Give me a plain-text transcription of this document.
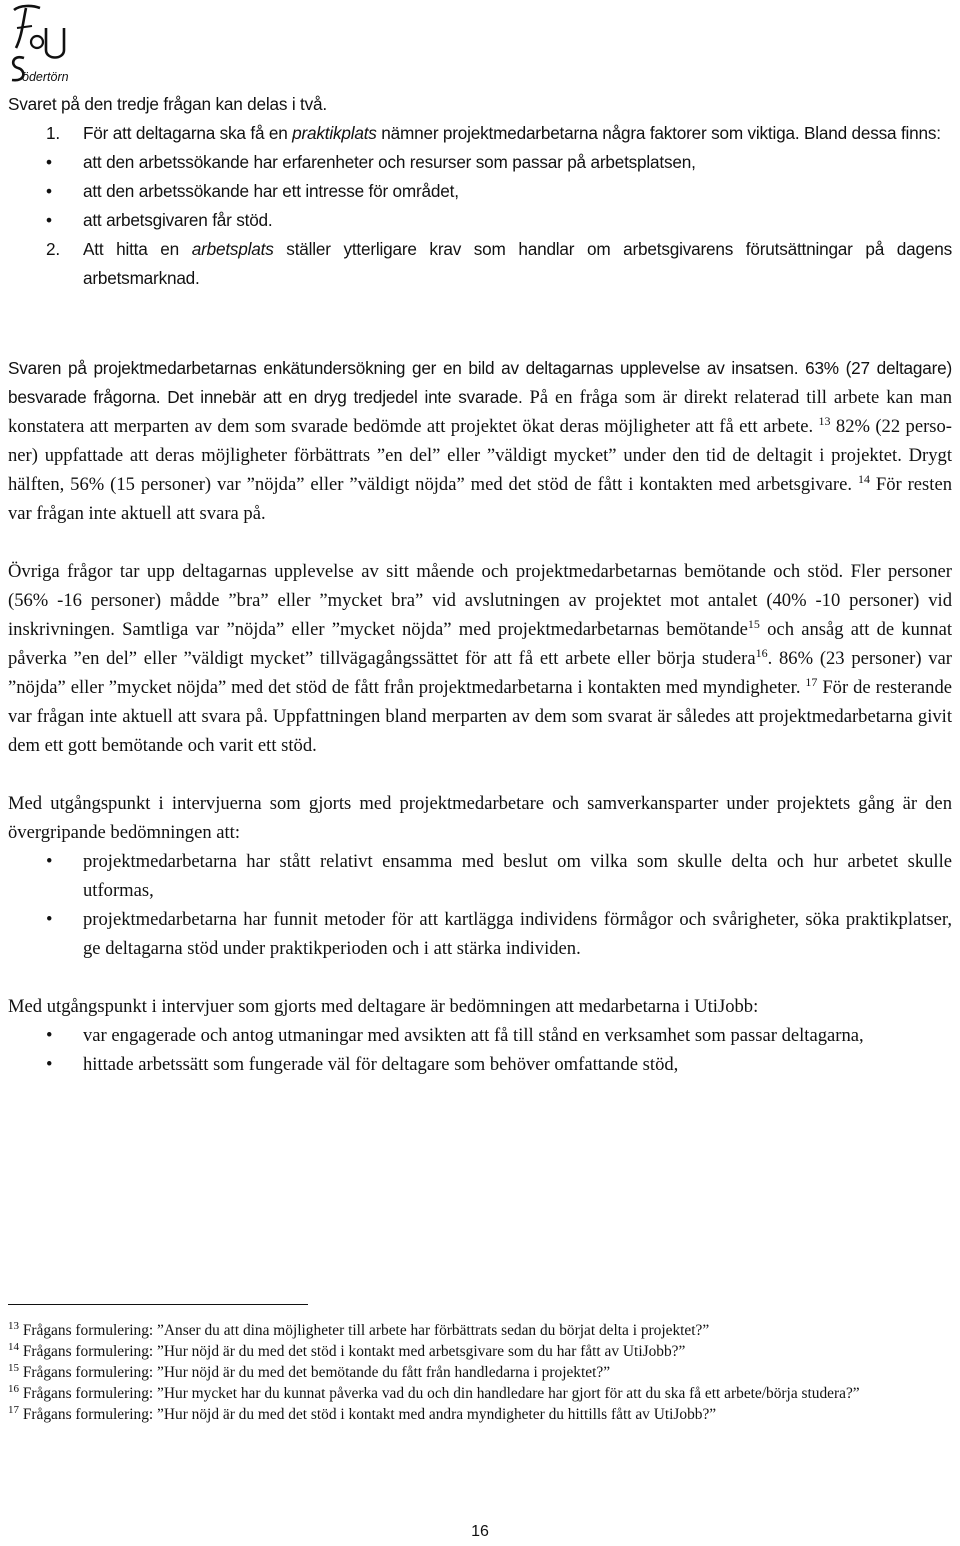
ödertörn

Svaret på den tredje frågan kan delas i två.

1. För att deltagarna ska få en praktikplats nämner projektmedarbetarna några faktorer som viktiga. Bland dessa finns:
• att den arbetssökande har erfarenheter och resurser som passar på arbetsplatsen,
• att den arbetssökande har ett intresse för området,
• att arbetsgivaren får stöd.
2. Att hitta en arbetsplats ställer ytterligare krav som handlar om arbetsgivarens förutsättningar på dagens arbetsmarknad.

Svaren på projektmedarbetarnas enkätundersökning ger en bild av deltagarnas upplevelse av insatsen. 63% (27 deltagare) besvarade frågorna. Det innebär att en dryg tredjedel inte svarade. På en fråga som är direkt relaterad till arbete kan man konstatera att merparten av dem som svarade bedömde att projektet ökat deras möjligheter att få ett arbete. $^{13}$ 82% (22 personer) uppfattade att deras möjligheter förbättrats ”en del” eller ”väldigt mycket” under den tid de deltagit i projektet. Drygt hälften, 56% (15 personer) var ”nöjda” eller ”väldigt nöjda” med det stöd de fått i kontakten med arbetsgivare. $^{14}$ För resten var frågan inte aktuell att svara på.

Övriga frågor tar upp deltagarnas upplevelse av sitt mående och projektmedarbetarnas bemötande och stöd. Fler personer (56% -16 personer) mådde ”bra” eller ”mycket bra” vid avslutningen av projektet mot antalet (40% -10 personer) vid inskrivningen. Samtliga var ”nöjda” eller ”mycket nöjda” med projektmedarbetarnas bemötande$^{15}$ och ansåg att de kunnat påverka ”en del” eller ”väldigt mycket” tillvägagångssättet för att få ett arbete eller börja studera$^{16}$. 86% (23 personer) var ”nöjda” eller ”mycket nöjda” med det stöd de fått från projektmedarbetarna i kontakten med myndigheter. $^{17}$ För de resterande var frågan inte aktuell att svara på. Uppfattningen bland merparten av dem som svarat är således att projektmedarbetarna givit dem ett gott bemötande och varit ett stöd.

Med utgångspunkt i intervjuerna som gjorts med projektmedarbetare och samverkansparter under projektets gång är den övergripande bedömningen att:

• projektmedarbetarna har stått relativt ensamma med beslut om vilka som skulle delta och hur arbetet skulle utformas,
• projektmedarbetarna har funnit metoder för att kartlägga individens förmågor och svårigheter, söka praktikplatser, ge deltagarna stöd under praktikperioden och i att stärka individen.

Med utgångspunkt i intervjuer som gjorts med deltagare är bedömningen att medarbetarna i UtiJobb:

• var engagerade och antog utmaningar med avsikten att få till stånd en verksamhet som passar deltagarna,
• hittade arbetssätt som fungerade väl för deltagare som behöver omfattande stöd,

$^{13}$ Frågans formulering: ”Anser du att dina möjligheter till arbete har förbättrats sedan du börjat delta i projektet?”

$^{14}$ Frågans formulering: ”Hur nöjd är du med det stöd i kontakt med arbetsgivare som du har fått av UtiJobb?”

$^{15}$ Frågans formulering: ”Hur nöjd är du med det bemötande du fått från handledarna i projektet?”

$^{16}$ Frågans formulering: ”Hur mycket har du kunnat påverka vad du och din handledare har gjort för att du ska få ett arbete/börja studera?”

$^{17}$ Frågans formulering: ”Hur nöjd är du med det stöd i kontakt med andra myndigheter du hittills fått av UtiJobb?”

16
